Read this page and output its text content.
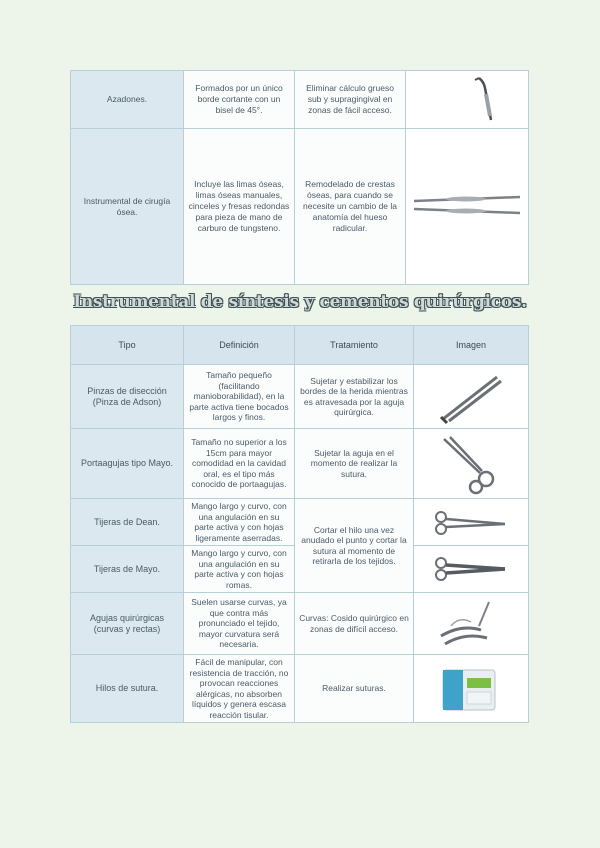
Azadones.	Formados por un único borde cortante con un bisel de 45°.	Eliminar cálculo grueso sub y supragingival en zonas de fácil acceso.	

Instrumental de cirugía ósea.	Incluye las limas óseas, limas óseas manuales, cinceles y fresas redondas para pieza de mano de carburo de tungsteno.	Remodelado de crestas óseas, para cuando se necesite un cambio de la anatomía del hueso radicular.	
Instrumental de síntesis y cementos quirúrgicos.
Tipo	Definición	Tratamiento	Imagen
Pinzas de disección (Pinza de Adson)	Tamaño pequeño (facilitando manioborabilidad), en la parte activa tiene bocados largos y finos.	Sujetar y estabilizar los bordes de la herida mientras es atravesada por la aguja quirúrgica.	

Portaagujas tipo Mayo.	Tamaño no superior a los 15cm para mayor comodidad en la cavidad oral, es el tipo más conocido de portaagujas.	Sujetar la aguja en el momento de realizar la sutura.	

Tijeras de Dean.	Mango largo y curvo, con una angulación en su parte activa y con hojas ligeramente aserradas.	Cortar el hilo una vez anudado el punto y cortar la sutura al momento de retirarla de los tejidos.	

Tijeras de Mayo.	Mango largo y curvo, con una angulación en su parte activa y con hojas romas.	

Agujas quirúrgicas (curvas y rectas)	Suelen usarse curvas, ya que contra más pronunciado el tejido, mayor curvatura será necesaria.	Curvas: Cosido quirúrgico en zonas de difícil acceso.	

Hilos de sutura.	Fácil de manipular, con resistencia de tracción, no provocan reacciones alérgicas, no absorben líquidos y genera escasa reacción tisular.	Realizar suturas.	
